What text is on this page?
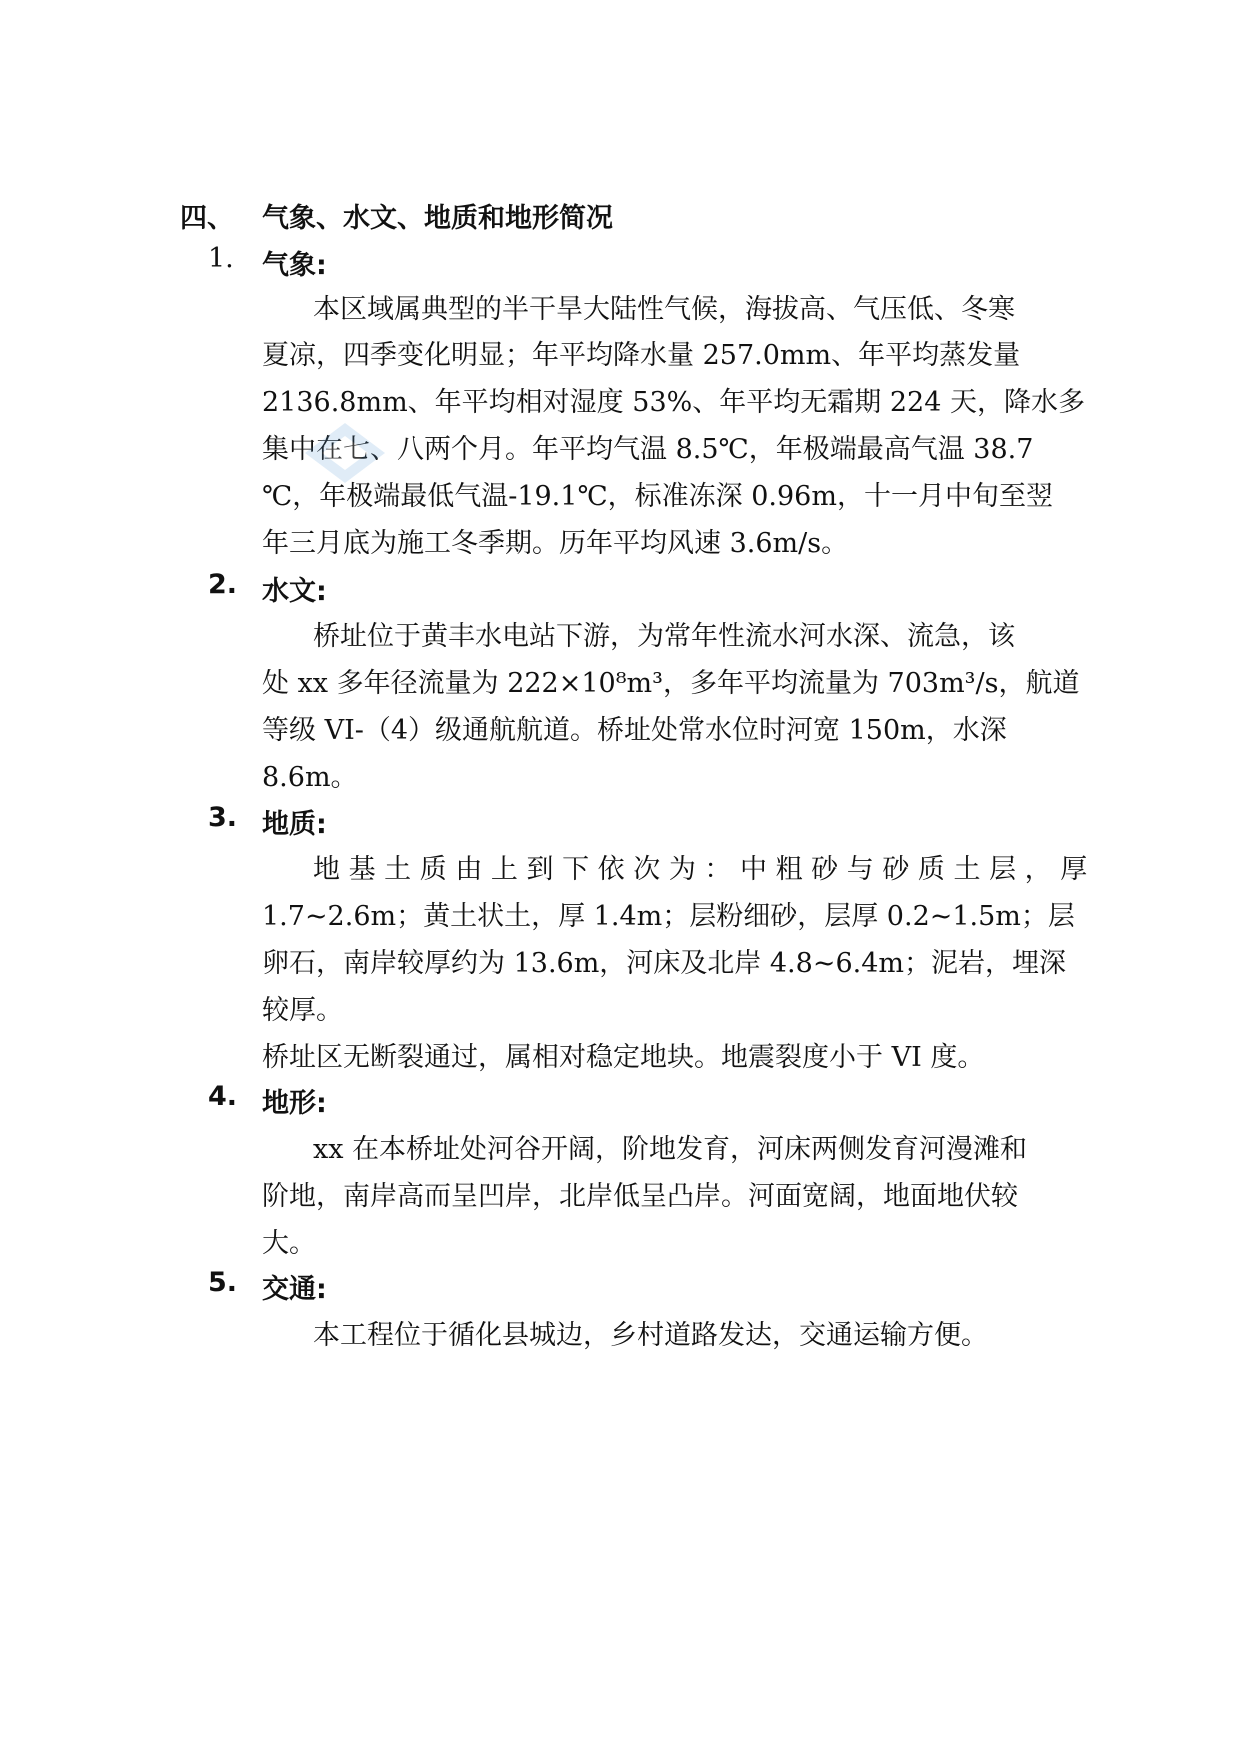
四、 气象、水文、地质和地形简况
1. 气象:
本区域属典型的半干旱大陆性气候，海拔高、气压低、冬寒
夏凉，四季变化明显；年平均降水量 257.0mm、年平均蒸发量
2136.8mm、年平均相对湿度 53%、年平均无霜期 224 天，降水多
集中在七、八两个月。年平均气温 8.5℃，年极端最高气温 38.7
℃，年极端最低气温-19.1℃，标准冻深 0.96m，十一月中旬至翌
年三月底为施工冬季期。历年平均风速 3.6m/s。
2. 水文:
桥址位于黄丰水电站下游，为常年性流水河水深、流急，该
处 xx 多年径流量为 222×10⁸m³，多年平均流量为 703m³/s，航道
等级 VI-（4）级通航航道。桥址处常水位时河宽 150m，水深
8.6m。
3. 地质:
地 基 土 质 由 上 到 下 依 次 为 ： 中 粗 砂 与 砂 质 土 层 ， 厚
1.7~2.6m；黄土状土，厚 1.4m；层粉细砂，层厚 0.2~1.5m；层
卵石，南岸较厚约为 13.6m，河床及北岸 4.8~6.4m；泥岩，埋深
较厚。
桥址区无断裂通过，属相对稳定地块。地震裂度小于 VI 度。
4. 地形:
xx 在本桥址处河谷开阔，阶地发育，河床两侧发育河漫滩和
阶地，南岸高而呈凹岸，北岸低呈凸岸。河面宽阔，地面地伏较
大。
5. 交通:
本工程位于循化县城边，乡村道路发达，交通运输方便。
